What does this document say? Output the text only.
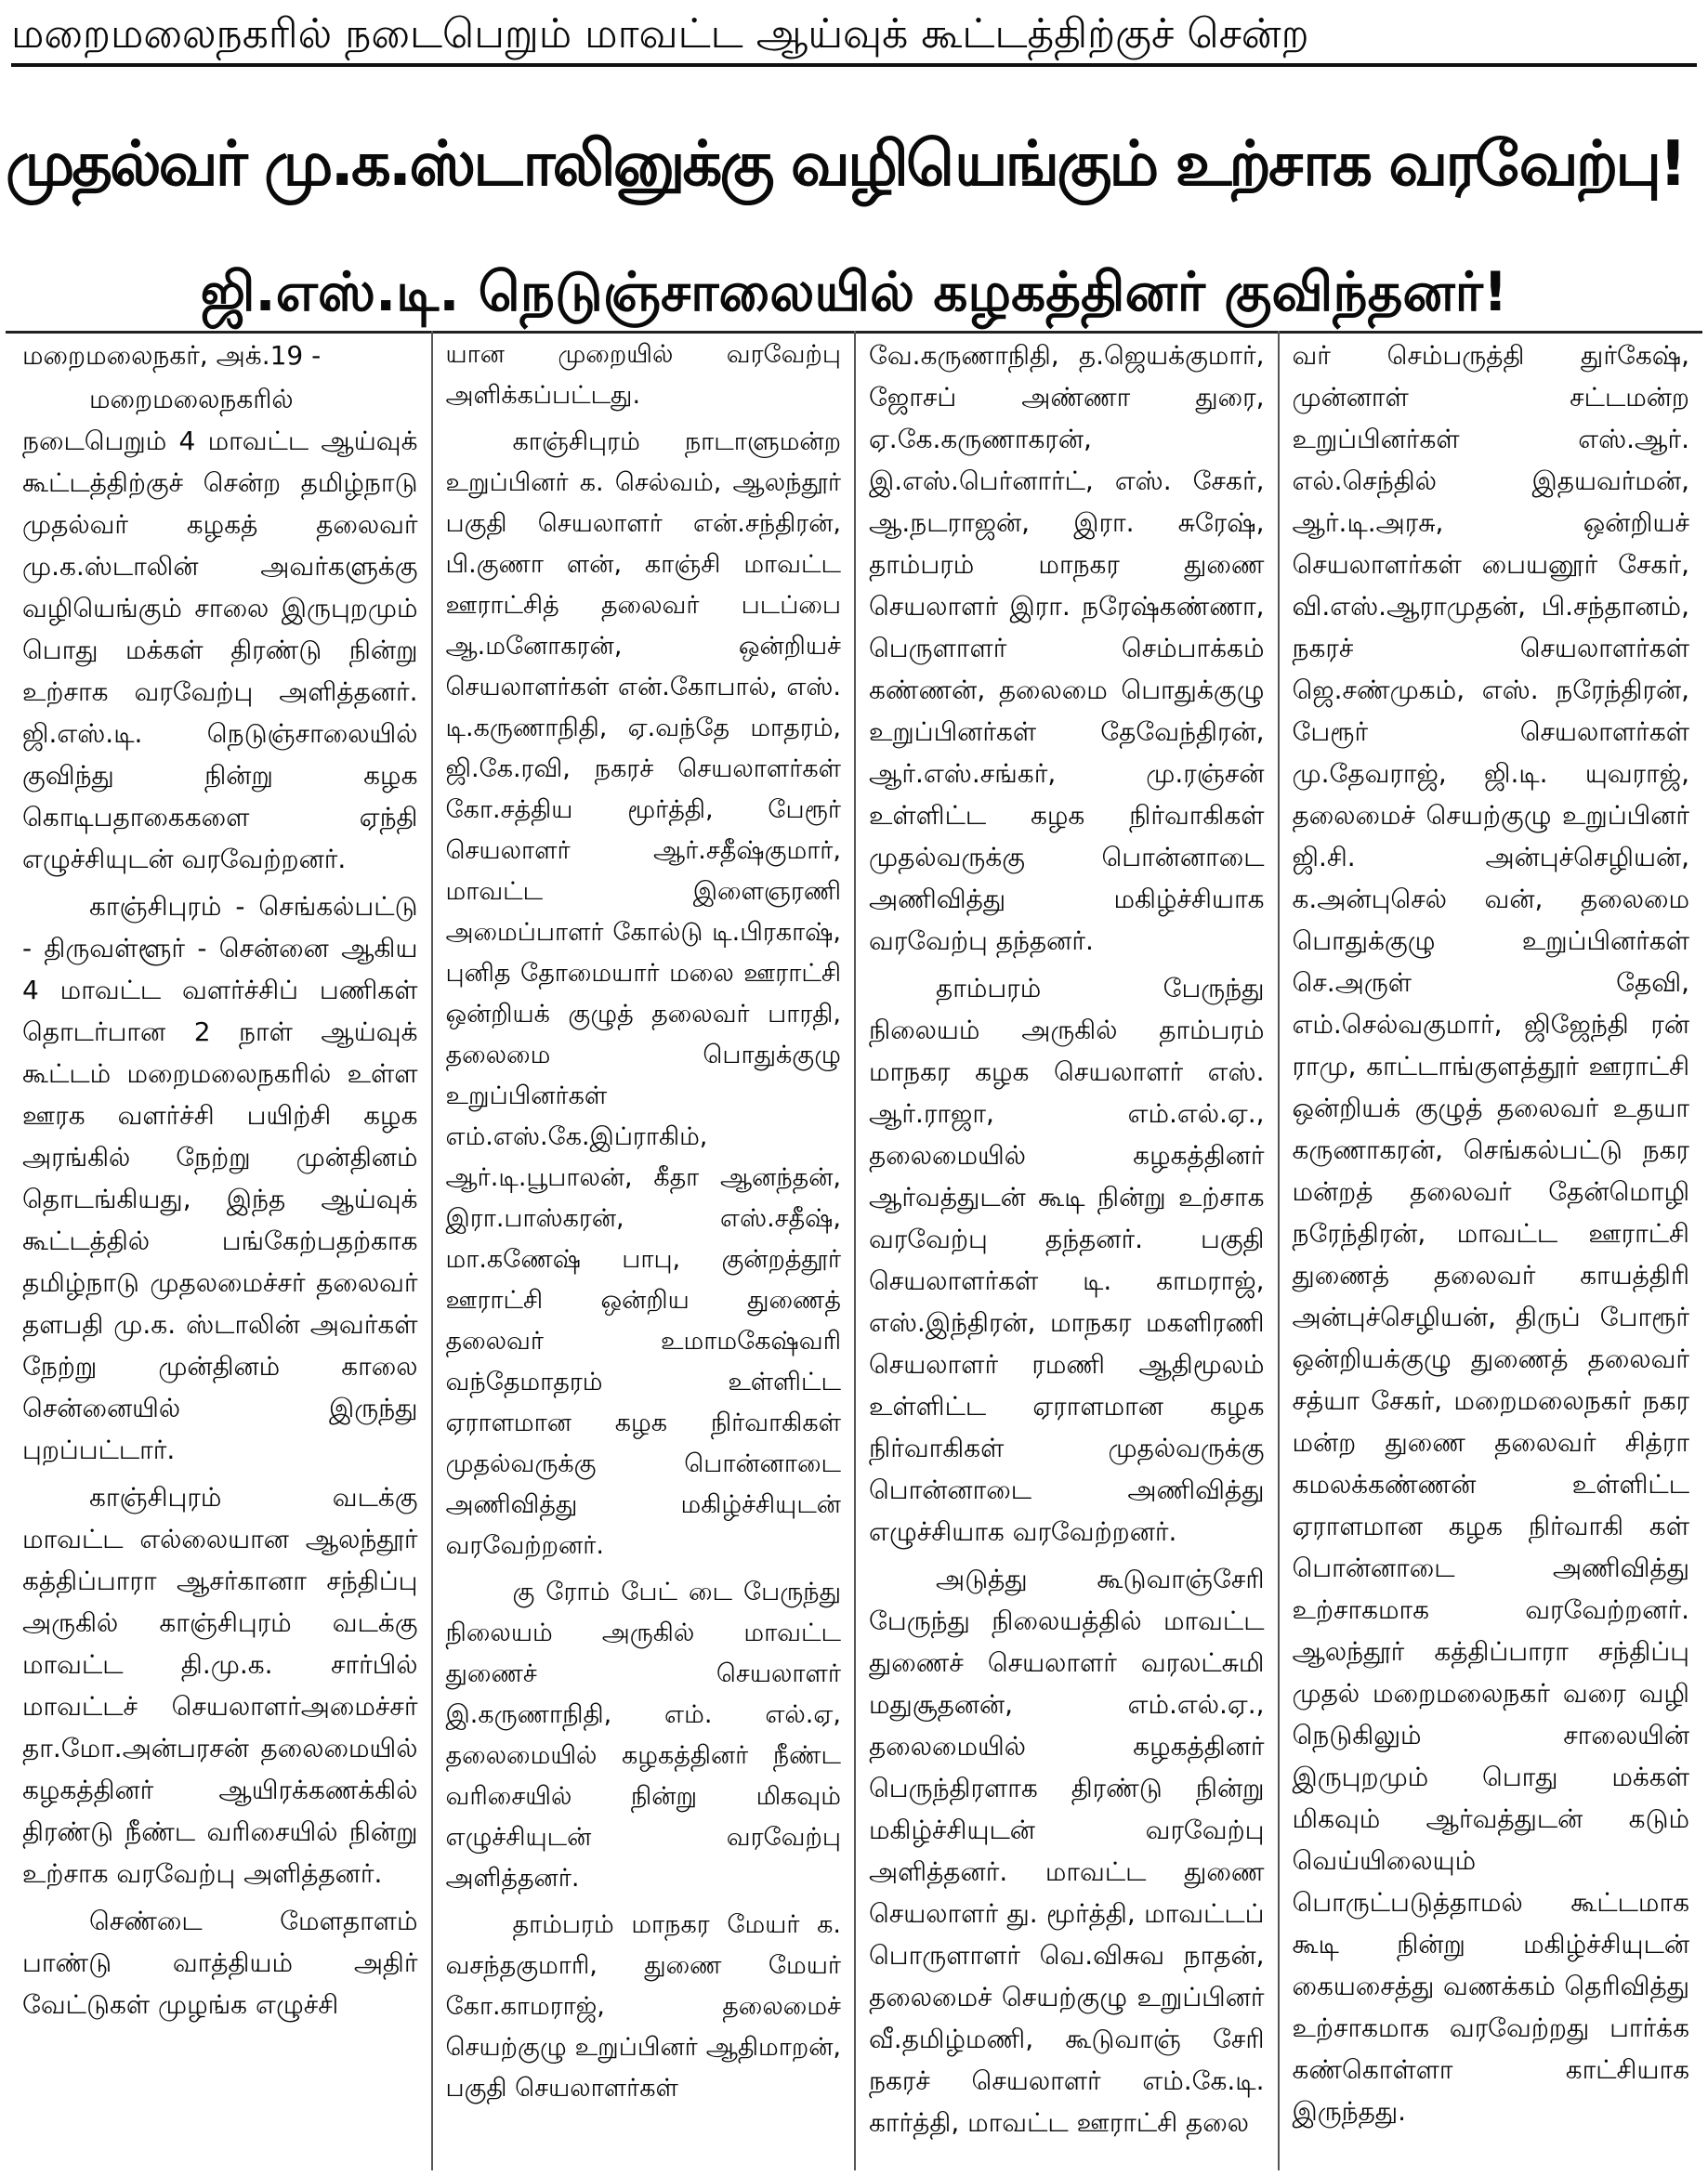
மறைமலைநகரில் நடைபெறும் மாவட்ட ஆய்வுக் கூட்டத்திற்குச் சென்ற
முதல்வர் மு.க.ஸ்டாலினுக்கு வழியெங்கும் உற்சாக வரவேற்பு!
ஜி.எஸ்.டி. நெடுஞ்சாலையில் கழகத்தினர் குவிந்தனர்!
மறைமலைநகர், அக்.19 -

மறைமலைநகரில் நடைபெறும் 4 மாவட்ட ஆய்வுக் கூட்டத்திற்குச் சென்ற தமிழ்நாடு முதல்வர் கழகத் தலைவர் மு.க.ஸ்டாலின் அவர்களுக்கு வழியெங்கும் சாலை இருபுறமும் பொது மக்கள் திரண்டு நின்று உற்சாக வரவேற்பு அளித்தனர். ஜி.எஸ்.டி. நெடுஞ்சாலையில் குவிந்து நின்று கழக கொடிபதாகைகளை ஏந்தி எழுச்சியுடன் வரவேற்றனர்.

காஞ்சிபுரம் - செங்கல்பட்டு - திருவள்ளூர் - சென்னை ஆகிய 4 மாவட்ட வளர்ச்சிப் பணிகள் தொடர்பான 2 நாள் ஆய்வுக் கூட்டம் மறைமலைநகரில் உள்ள ஊரக வளர்ச்சி பயிற்சி கழக அரங்கில் நேற்று முன்தினம் தொடங்கியது, இந்த ஆய்வுக் கூட்டத்தில் பங்கேற்பதற்காக தமிழ்நாடு முதலமைச்சர் தலைவர் தளபதி மு.க. ஸ்டாலின் அவர்கள் நேற்று முன்தினம் காலை சென்னையில் இருந்து புறப்பட்டார்.

காஞ்சிபுரம் வடக்கு மாவட்ட எல்லையான ஆலந்தூர் கத்திப்பாரா ஆசர்கானா சந்திப்பு அருகில் காஞ்சிபுரம் வடக்கு மாவட்ட தி.மு.க. சார்பில் மாவட்டச் செயலாளர்அமைச்சர் தா.மோ.அன்பரசன் தலைமையில் கழகத்தினர் ஆயிரக்கணக்கில் திரண்டு நீண்ட வரிசையில் நின்று உற்சாக வரவேற்பு அளித்தனர்.

செண்டை மேளதாளம் பாண்டு வாத்தியம் அதிர் வேட்டுகள் முழங்க எழுச்சி

யான முறையில் வரவேற்பு அளிக்கப்பட்டது.

காஞ்சிபுரம் நாடாளுமன்ற உறுப்பினர் க. செல்வம், ஆலந்தூர் பகுதி செயலாளர் என்.சந்திரன், பி.குணா ளன், காஞ்சி மாவட்ட ஊராட்சித் தலைவர் படப்பை ஆ.மனோகரன், ஒன்றியச் செயலாளர்கள் என்.கோபால், எஸ். டி.கருணாநிதி, ஏ.வந்தே மாதரம், ஜி.கே.ரவி, நகரச் செயலாளர்கள் கோ.சத்திய மூர்த்தி, பேரூர் செயலாளர் ஆர்.சதீஷ்குமார், மாவட்ட இளைஞரணி அமைப்பாளர் கோல்டு டி.பிரகாஷ், புனித தோமையார் மலை ஊராட்சி ஒன்றியக் குழுத் தலைவர் பாரதி, தலைமை பொதுக்குழு உறுப்பினர்கள் எம்.எஸ்.கே.இப்ராகிம், ஆர்.டி.பூபாலன், கீதா ஆனந்தன், இரா.பாஸ்கரன், எஸ்.சதீஷ், மா.கணேஷ் பாபு, குன்றத்தூர் ஊராட்சி ஒன்றிய துணைத் தலைவர் உமாமகேஷ்வரி வந்தேமாதரம் உள்ளிட்ட ஏராளமான கழக நிர்வாகிகள் முதல்வருக்கு பொன்னாடை அணிவித்து மகிழ்ச்சியுடன் வரவேற்றனர்.

கு ரோம் பேட் டை பேருந்து நிலையம் அருகில் மாவட்ட துணைச் செயலாளர் இ.கருணாநிதி, எம். எல்.ஏ, தலைமையில் கழகத்தினர் நீண்ட வரிசையில் நின்று மிகவும் எழுச்சியுடன் வரவேற்பு அளித்தனர்.

தாம்பரம் மாநகர மேயர் க. வசந்தகுமாரி, துணை மேயர் கோ.காமராஜ், தலைமைச் செயற்குழு உறுப்பினர் ஆதிமாறன், பகுதி செயலாளர்கள்

வே.கருணாநிதி, த.ஜெயக்குமார், ஜோசப் அண்ணா துரை, ஏ.கே.கருணாகரன், இ.எஸ்.பெர்னார்ட், எஸ். சேகர், ஆ.நடராஜன், இரா. சுரேஷ், தாம்பரம் மாநகர துணை செயலாளர் இரா. நரேஷ்கண்ணா, பெருளாளர் செம்பாக்கம் கண்ணன், தலைமை பொதுக்குழு உறுப்பினர்கள் தேவேந்திரன், ஆர்.எஸ்.சங்கர், மு.ரஞ்சன் உள்ளிட்ட கழக நிர்வாகிகள் முதல்வருக்கு பொன்னாடை அணிவித்து மகிழ்ச்சியாக வரவேற்பு தந்தனர்.

தாம்பரம் பேருந்து நிலையம் அருகில் தாம்பரம் மாநகர கழக செயலாளர் எஸ். ஆர்.ராஜா, எம்.எல்.ஏ., தலைமையில் கழகத்தினர் ஆர்வத்துடன் கூடி நின்று உற்சாக வரவேற்பு தந்தனர். பகுதி செயலாளர்கள் டி. காமராஜ், எஸ்.இந்திரன், மாநகர மகளிரணி செயலாளர் ரமணி ஆதிமூலம் உள்ளிட்ட ஏராளமான கழக நிர்வாகிகள் முதல்வருக்கு பொன்னாடை அணிவித்து எழுச்சியாக வரவேற்றனர்.

அடுத்து கூடுவாஞ்சேரி பேருந்து நிலையத்தில் மாவட்ட துணைச் செயலாளர் வரலட்சுமி மதுசூதனன், எம்.எல்.ஏ., தலைமையில் கழகத்தினர் பெருந்திரளாக திரண்டு நின்று மகிழ்ச்சியுடன் வரவேற்பு அளித்தனர். மாவட்ட துணை செயலாளர் து. மூர்த்தி, மாவட்டப் பொருளாளர் வெ.விசுவ நாதன், தலைமைச் செயற்குழு உறுப்பினர் வீ.தமிழ்மணி, கூடுவாஞ் சேரி நகரச் செயலாளர் எம்.கே.டி. கார்த்தி, மாவட்ட ஊராட்சி தலை

வர் செம்பருத்தி துர்கேஷ், முன்னாள் சட்டமன்ற உறுப்பினர்கள் எஸ்.ஆர். எல்.செந்தில் இதயவர்மன், ஆர்.டி.அரசு, ஒன்றியச் செயலாளர்கள் பையனூர் சேகர், வி.எஸ்.ஆராமுதன், பி.சந்தானம், நகரச் செயலாளர்கள் ஜெ.சண்முகம், எஸ். நரேந்திரன், பேரூர் செயலாளர்கள் மு.தேவராஜ், ஜி.டி. யுவராஜ், தலைமைச் செயற்குழு உறுப்பினர் ஜி.சி. அன்புச்செழியன், க.அன்புசெல் வன், தலைமை பொதுக்குழு உறுப்பினர்கள் செ.அருள் தேவி, எம்.செல்வகுமார், ஜிஜேந்தி ரன் ராமு, காட்டாங்குளத்தூர் ஊராட்சி ஒன்றியக் குழுத் தலைவர் உதயா கருணாகரன், செங்கல்பட்டு நகர மன்றத் தலைவர் தேன்மொழி நரேந்திரன், மாவட்ட ஊராட்சி துணைத் தலைவர் காயத்திரி அன்புச்செழியன், திருப் போரூர் ஒன்றியக்குழு துணைத் தலைவர் சத்யா சேகர், மறைமலைநகர் நகர மன்ற துணை தலைவர் சித்ரா கமலக்கண்ணன் உள்ளிட்ட ஏராளமான கழக நிர்வாகி கள் பொன்னாடை அணிவித்து உற்சாகமாக வரவேற்றனர். ஆலந்தூர் கத்திப்பாரா சந்திப்பு முதல் மறைமலைநகர் வரை வழி நெடுகிலும் சாலையின் இருபுறமும் பொது மக்கள் மிகவும் ஆர்வத்துடன் கடும் வெய்யிலையும் பொருட்படுத்தாமல் கூட்டமாக கூடி நின்று மகிழ்ச்சியுடன் கையசைத்து வணக்கம் தெரிவித்து உற்சாகமாக வரவேற்றது பார்க்க கண்கொள்ளா காட்சியாக இருந்தது.
